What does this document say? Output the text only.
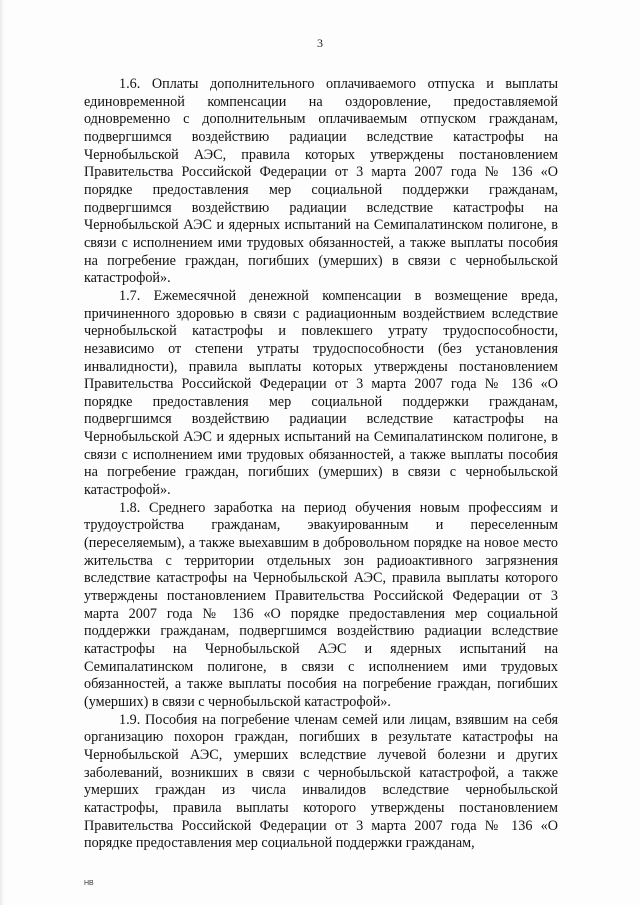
3

1.6. Оплаты дополнительного оплачиваемого отпуска и выплаты единовременной компенсации на оздоровление, предоставляемой одновременно с дополнительным оплачиваемым отпуском гражданам, подвергшимся воздействию радиации вследствие катастрофы на Чернобыльской АЭС, правила которых утверждены постановлением Правительства Российской Федерации от 3 марта 2007 года № 136 «О порядке предоставления мер социальной поддержки гражданам, подвергшимся воздействию радиации вследствие катастрофы на Чернобыльской АЭС и ядерных испытаний на Семипалатинском полигоне, в связи с исполнением ими трудовых обязанностей, а также выплаты пособия на погребение граждан, погибших (умерших) в связи с чернобыльской катастрофой».

1.7. Ежемесячной денежной компенсации в возмещение вреда, причиненного здоровью в связи с радиационным воздействием вследствие чернобыльской катастрофы и повлекшего утрату трудоспособности, независимо от степени утраты трудоспособности (без установления инвалидности), правила выплаты которых утверждены постановлением Правительства Российской Федерации от 3 марта 2007 года № 136 «О порядке предоставления мер социальной поддержки гражданам, подвергшимся воздействию радиации вследствие катастрофы на Чернобыльской АЭС и ядерных испытаний на Семипалатинском полигоне, в связи с исполнением ими трудовых обязанностей, а также выплаты пособия на погребение граждан, погибших (умерших) в связи с чернобыльской катастрофой».

1.8. Среднего заработка на период обучения новым профессиям и трудоустройства гражданам, эвакуированным и переселенным (переселяемым), а также выехавшим в добровольном порядке на новое место жительства с территории отдельных зон радиоактивного загрязнения вследствие катастрофы на Чернобыльской АЭС, правила выплаты которого утверждены постановлением Правительства Российской Федерации от 3 марта 2007 года № 136 «О порядке предоставления мер социальной поддержки гражданам, подвергшимся воздействию радиации вследствие катастрофы на Чернобыльской АЭС и ядерных испытаний на Семипалатинском полигоне, в связи с исполнением ими трудовых обязанностей, а также выплаты пособия на погребение граждан, погибших (умерших) в связи с чернобыльской катастрофой».

1.9. Пособия на погребение членам семей или лицам, взявшим на себя организацию похорон граждан, погибших в результате катастрофы на Чернобыльской АЭС, умерших вследствие лучевой болезни и других заболеваний, возникших в связи с чернобыльской катастрофой, а также умерших граждан из числа инвалидов вследствие чернобыльской катастрофы, правила выплаты которого утверждены постановлением Правительства Российской Федерации от 3 марта 2007 года № 136 «О порядке предоставления мер социальной поддержки гражданам,

НВ
